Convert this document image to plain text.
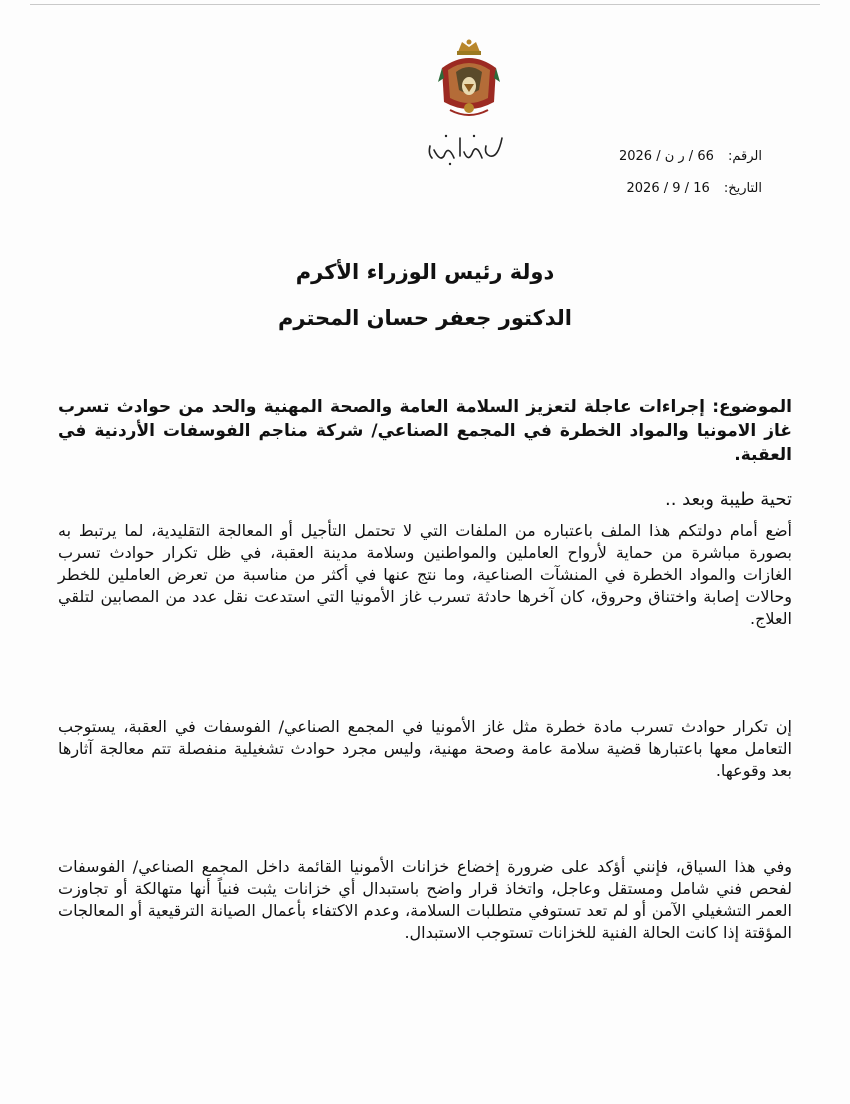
الرقم: 66 / ر ن / 2026
التاريخ: 16 / 9 / 2026
دولة رئيس الوزراء الأكرم
الدكتور جعفر حسان المحترم
الموضوع: إجراءات عاجلة لتعزيز السلامة العامة والصحة المهنية والحد من حوادث تسرب غاز الامونيا والمواد الخطرة في المجمع الصناعي/ شركة مناجم الفوسفات الأردنية في العقبة.
تحية طيبة وبعد ..

أضع أمام دولتكم هذا الملف باعتباره من الملفات التي لا تحتمل التأجيل أو المعالجة التقليدية، لما يرتبط به بصورة مباشرة من حماية لأرواح العاملين والمواطنين وسلامة مدينة العقبة، في ظل تكرار حوادث تسرب الغازات والمواد الخطرة في المنشآت الصناعية، وما نتج عنها في أكثر من مناسبة من تعرض العاملين للخطر وحالات إصابة واختناق وحروق، كان آخرها حادثة تسرب غاز الأمونيا التي استدعت نقل عدد من المصابين لتلقي العلاج.

إن تكرار حوادث تسرب مادة خطرة مثل غاز الأمونيا في المجمع الصناعي/ الفوسفات في العقبة، يستوجب التعامل معها باعتبارها قضية سلامة عامة وصحة مهنية، وليس مجرد حوادث تشغيلية منفصلة تتم معالجة آثارها بعد وقوعها.

وفي هذا السياق، فإنني أؤكد على ضرورة إخضاع خزانات الأمونيا القائمة داخل المجمع الصناعي/ الفوسفات لفحص فني شامل ومستقل وعاجل، واتخاذ قرار واضح باستبدال أي خزانات يثبت فنياً أنها متهالكة أو تجاوزت العمر التشغيلي الآمن أو لم تعد تستوفي متطلبات السلامة، وعدم الاكتفاء بأعمال الصيانة الترقيعية أو المعالجات المؤقتة إذا كانت الحالة الفنية للخزانات تستوجب الاستبدال.
